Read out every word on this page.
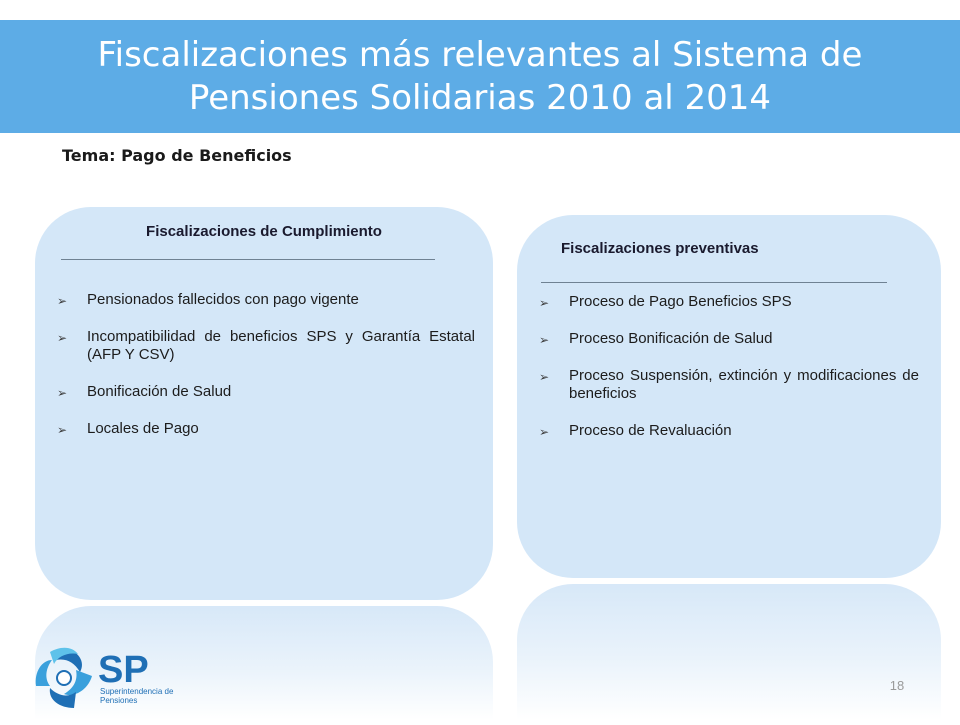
Fiscalizaciones más relevantes al Sistema de Pensiones Solidarias 2010 al 2014
Tema: Pago de Beneficios
Fiscalizaciones de Cumplimiento
➢ Pensionados fallecidos con pago vigente
➢ Incompatibilidad de beneficios SPS y Garantía Estatal (AFP Y CSV)
➢ Bonificación de Salud
➢ Locales de Pago
Fiscalizaciones preventivas
➢ Proceso de Pago Beneficios SPS
➢ Proceso Bonificación de Salud
➢ Proceso Suspensión, extinción y modificaciones de beneficios
➢ Proceso de Revaluación
SP
Superintendencia de
Pensiones
18
